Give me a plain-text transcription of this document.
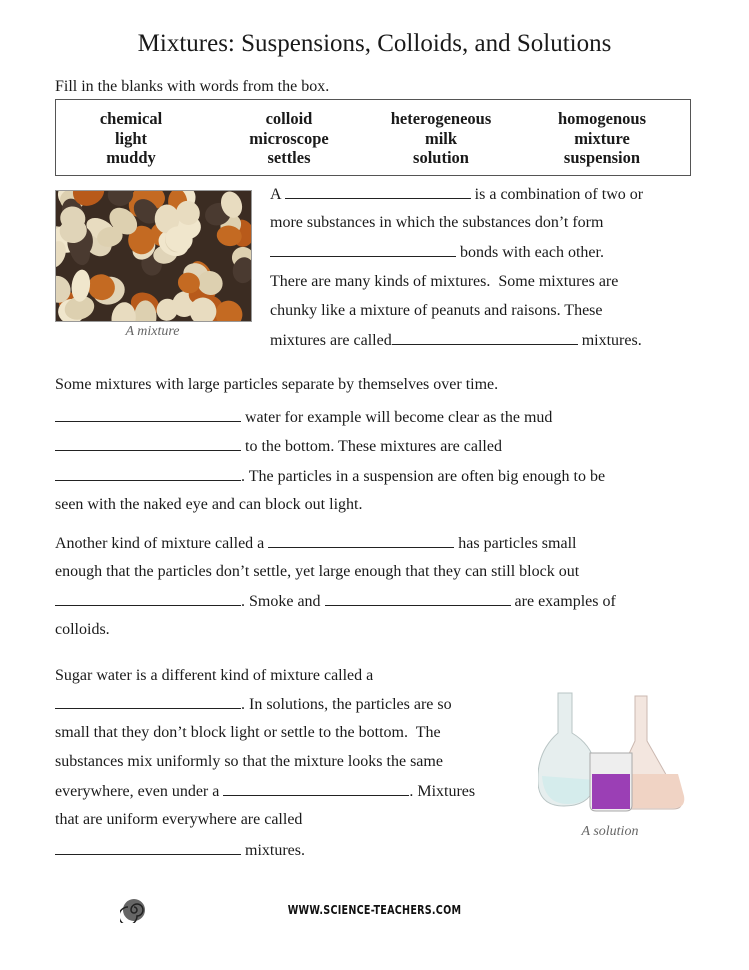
Mixtures: Suspensions, Colloids, and Solutions
Fill in the blanks with words from the box.
chemical
light
muddy
colloid
microscope
settles
heterogeneous
milk
solution
homogenous
mixture
suspension
A mixture
A solution
A	is a combination of two or
more substances in which the substances don’t form
bonds with each other.
There are many kinds of mixtures.  Some mixtures are
chunky like a mixture of peanuts and raisons. These
mixtures are called	mixtures.
Some mixtures with large particles separate by themselves over time.
water for example will become clear as the mud
to the bottom. These mixtures are called
. The particles in a suspension are often big enough to be
seen with the naked eye and can block out light.
Another kind of mixture called a	has particles small
enough that the particles don’t settle, yet large enough that they can still block out
. Smoke and	are examples of
colloids.
Sugar water is a different kind of mixture called a
. In solutions, the particles are so
small that they don’t block light or settle to the bottom.  The
substances mix uniformly so that the mixture looks the same
everywhere, even under a	. Mixtures
that are uniform everywhere are called
mixtures.
WWW.SCIENCE-TEACHERS.COM
